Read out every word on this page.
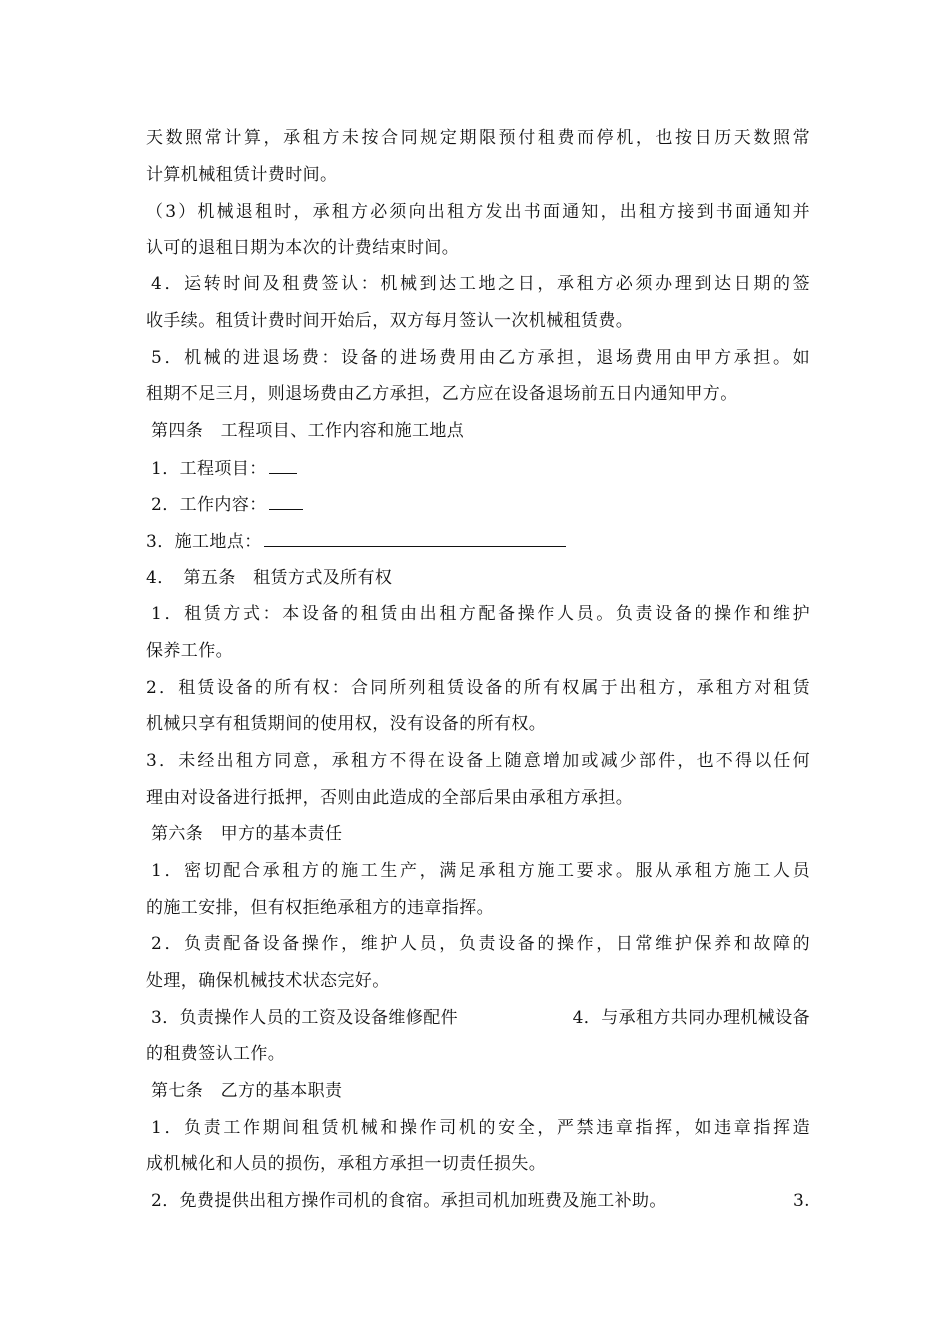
天数照常计算，承租方未按合同规定期限预付租费而停机，也按日历天数照常
计算机械租赁计费时间。
（3）机械退租时，承租方必须向出租方发出书面通知，出租方接到书面通知并
认可的退租日期为本次的计费结束时间。
4．运转时间及租费签认：机械到达工地之日，承租方必须办理到达日期的签
收手续。租赁计费时间开始后，双方每月签认一次机械租赁费。
5．机械的进退场费：设备的进场费用由乙方承担，退场费用由甲方承担。如
租期不足三月，则退场费由乙方承担，乙方应在设备退场前五日内通知甲方。
第四条　工程项目、工作内容和施工地点
1．工程项目：
2．工作内容：
3．施工地点：
4．　第五条　租赁方式及所有权
1．租赁方式：本设备的租赁由出租方配备操作人员。负责设备的操作和维护
保养工作。
2．租赁设备的所有权：合同所列租赁设备的所有权属于出租方，承租方对租赁
机械只享有租赁期间的使用权，没有设备的所有权。
3．未经出租方同意，承租方不得在设备上随意增加或减少部件，也不得以任何
理由对设备进行抵押，否则由此造成的全部后果由承租方承担。
第六条　甲方的基本责任
1．密切配合承租方的施工生产，满足承租方施工要求。服从承租方施工人员
的施工安排，但有权拒绝承租方的违章指挥。
2．负责配备设备操作，维护人员，负责设备的操作，日常维护保养和故障的
处理，确保机械技术状态完好。
3．负责操作人员的工资及设备维修配件	4．与承租方共同办理机械设备
的租费签认工作。
第七条　乙方的基本职责
1．负责工作期间租赁机械和操作司机的安全，严禁违章指挥，如违章指挥造
成机械化和人员的损伤，承租方承担一切责任损失。
2．免费提供出租方操作司机的食宿。承担司机加班费及施工补助。	3.
